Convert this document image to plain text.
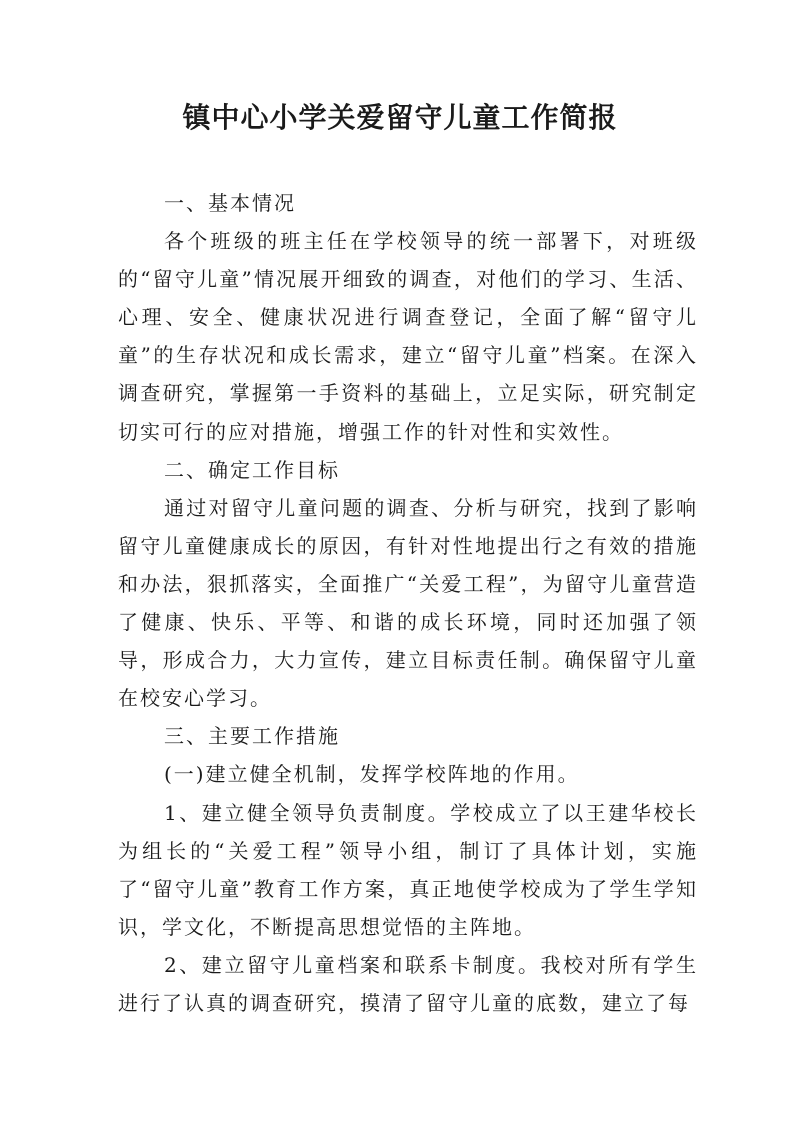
镇中心小学关爱留守儿童工作简报

一、基本情况

各个班级的班主任在学校领导的统一部署下，对班级的“留守儿童”情况展开细致的调查，对他们的学习、生活、心理、安全、健康状况进行调查登记，全面了解“留守儿童”的生存状况和成长需求，建立“留守儿童”档案。在深入调查研究，掌握第一手资料的基础上，立足实际，研究制定切实可行的应对措施，增强工作的针对性和实效性。

二、确定工作目标

通过对留守儿童问题的调查、分析与研究，找到了影响留守儿童健康成长的原因，有针对性地提出行之有效的措施和办法，狠抓落实，全面推广“关爱工程”，为留守儿童营造了健康、快乐、平等、和谐的成长环境，同时还加强了领导，形成合力，大力宣传，建立目标责任制。确保留守儿童在校安心学习。

三、主要工作措施

(一)建立健全机制，发挥学校阵地的作用。

1、建立健全领导负责制度。学校成立了以王建华校长为组长的“关爱工程”领导小组，制订了具体计划，实施了“留守儿童”教育工作方案，真正地使学校成为了学生学知识，学文化，不断提高思想觉悟的主阵地。

2、建立留守儿童档案和联系卡制度。我校对所有学生进行了认真的调查研究，摸清了留守儿童的底数，建立了每
